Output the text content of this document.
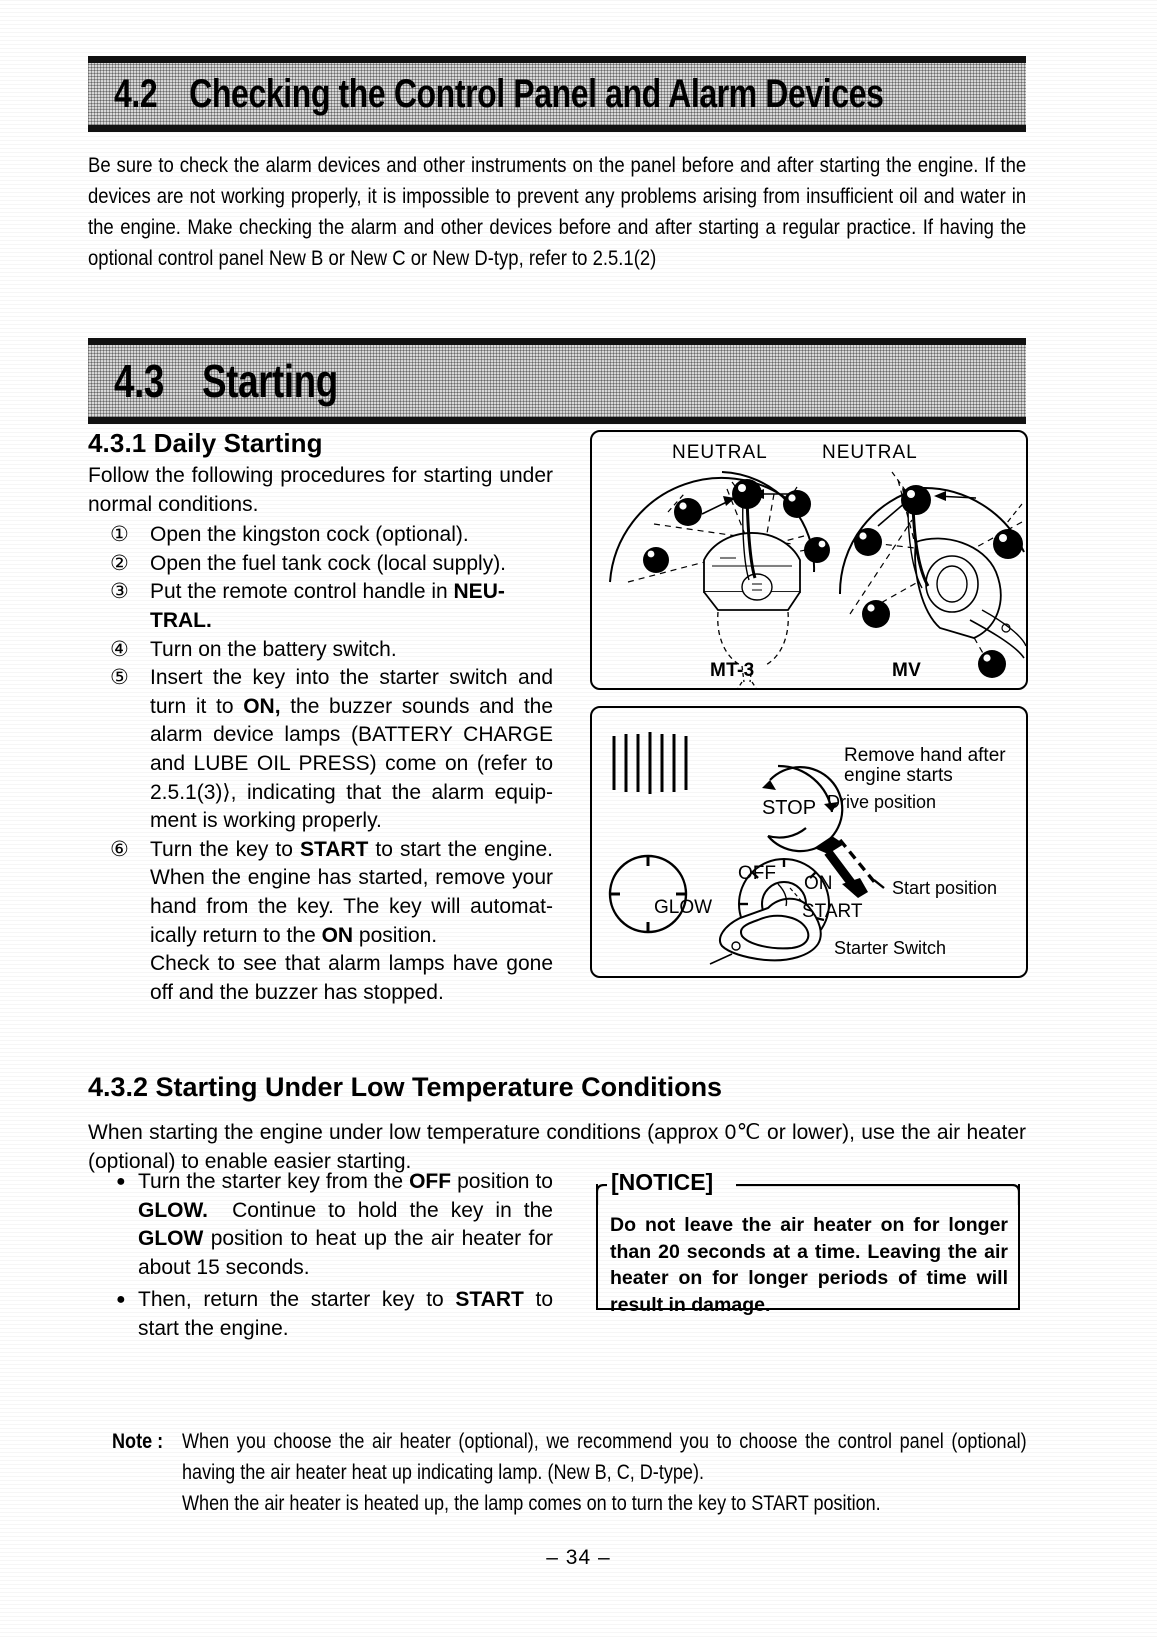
4.2 Checking the Control Panel and Alarm Devices
Be sure to check the alarm devices and other instruments on the panel before and after starting the engine. If the devices are not working properly, it is impossible to prevent any problems arising from insufficient oil and water in the engine. Make checking the alarm and other devices before and after starting a regular practice. If having the optional control panel New B or New C or New D-typ, refer to 2.5.1(2)
4.3 Starting
4.3.1 Daily Starting

Follow the following procedures for starting under normal conditions.

①	Open the kingston cock (optional).
②	Open the fuel tank cock (local supply).
③	Put the remote control handle in NEU-
TRAL.
④	Turn on the battery switch.
⑤	Insert the key into the starter switch and turn it to ON, the buzzer sounds and the alarm device lamps (BATTERY CHARGE and LUBE OIL PRESS) come on (refer to 2.5.1(3)⟩, indicating that the alarm equip-ment is working properly.
⑥	Turn the key to START to start the engine. When the engine has started, remove your hand from the key. The key will automat-ically return to the ON position.
Check to see that alarm lamps have gone off and the buzzer has stopped.
NEUTRAL	NEUTRAL
MT-3	MV
STOP
GLOW
OFF ON
START
Remove hand after
engine starts
Drive position
Start position
Starter Switch
4.3.2 Starting Under Low Temperature Conditions
When starting the engine under low temperature conditions (approx 0℃ or lower), use the air heater (optional) to enable easier starting.
● Turn the starter key from the OFF position to GLOW.  Continue to hold the key in the GLOW position to heat up the air heater for about 15 seconds.
● Then, return the starter key to START to start the engine.
[NOTICE]
Do not leave the air heater on for longer than 20 seconds at a time. Leaving the air heater on for longer periods of time will result in damage.
Note : When you choose the air heater (optional), we recommend you to choose the control panel (optional) having the air heater heat up indicating lamp. (New B, C, D-type).

When the air heater is heated up, the lamp comes on to turn the key to START position.

– 34 –
